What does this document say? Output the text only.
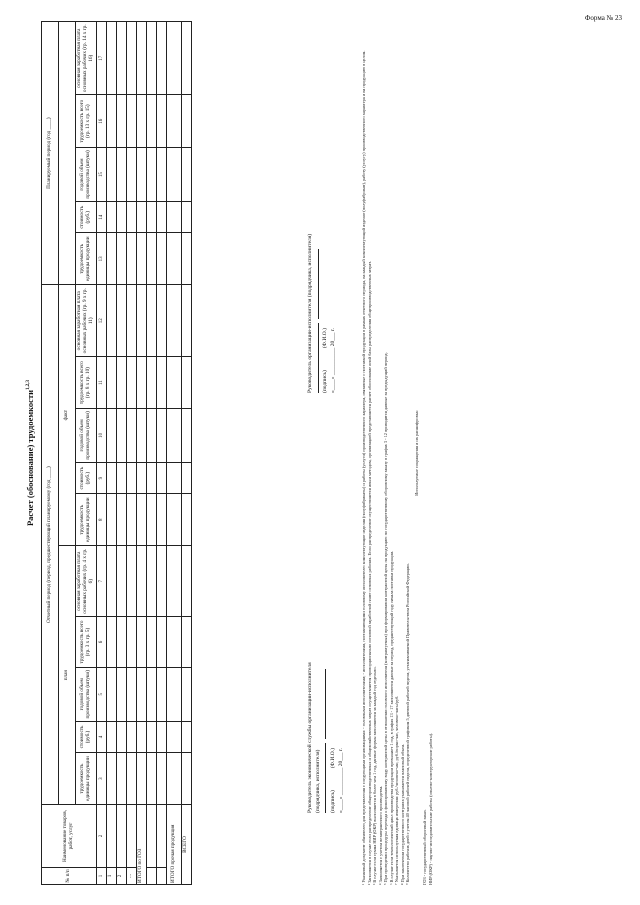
Форма № 23
Расчет (обоснование) трудоемкости$^{1,2,3}$
№ п/п	Наименование товаров, работ, услуг	Отчетный период (период, предшествующий планируемому (год ____)										Планируемый период (год ____)				
		план					факт									
		трудоемкость единицы продукции	стоимость (руб.)	годовой объем производства (штуки)	трудоемкость всего (гр. 3 x гр. 5)	основная заработная плата основных рабочих (гр. 4 x гр. 6)	трудоемкость единицы продукции	стоимость (руб.)	годовой объем производства (штуки)	трудоемкость всего (гр. 8 x гр. 10)	основная заработная плата основных рабочих (гр. 9 x гр. 11)	трудоемкость единицы продукции	стоимость (руб.)	годовой объем производства (штуки)	трудоемкость всего (гр. 13 x гр. 15)	основная заработная плата основных рабочих (гр. 14 x гр. 16)
1	2	3	4	5	6	7	8	9	10	11	12	13	14	15	16	17
1																
2																
...																
ИТОГО по ГОЗ																

ИТОГО прочая продукция																
ВСЕГО																
Руководитель экономической службы организации-исполнителя (подрядчика, исполнителя)
	(подпись)                (Ф.И.О.)
«____» __________ 20___ г.
Руководитель организации-исполнителя (подрядчика, исполнителя)
	(подпись)                (Ф.И.О.)
«____» __________ 20___ г.	¹ Указанный документ обязателен для представления с следующими организациями: - головными исполнителями; - исполнителями, поставляющими головному исполнителю комплектующие изделия (полуфабрикаты) и работы (услуги) производственного характера, связанные с поставкой продукции в рамках отчетного периода, на каждый комплектующий изделие (полуфабрикат), работу (услугу) производственного характера и на продукцию в целом. ² Заполняется в случае если распределение общепроизводственных и общехозяйственных затрат осуществляется пропорционально основной заработной плате основных рабочих. Если распределение осуществляется иным методом, организацией представляется расчет обоснование иной базы распределения общепроизводственных затрат. ³ В случае если сумма НИР (ОКР) выполняется в более чем 1 год, данные формы заполняются за каждый год отдельно. ⁴ Заполняется с учетом незавершенного производства. ⁵ При проведении процедуры перехода к фиксированному виду контрактной цены в отношении головного исполнителя (контрактуемых) при формировании контрактной цены на продукцию по государственному оборонному заказу в графах 3 - 12 приводятся данные за предыдущий период. ⁶ В случае если технологический цикл производства продукции превышает 1 год, в графах 13 - 17 заполняются данные за период, предшествующий году начала поставки продукции. ⁷ Указывается используемая единица измерения: руб./человеко-час, руб./нормо-час, человеко-часы/руб. ⁸ При заключении государственного контракта указывается плановый объем. ⁹ Количество рабочих дней с учетом 40 часовой рабочей недели, определенной графиком 5 дневной рабочей недели, устанавливаемой Правительством Российской Федерации.
Используемые сокращения и их расшифровка:
ГОЗ - государственный оборонный заказ. НИР (ОКР) - научно-исследовательские работы (опытно-конструкторские работы).
